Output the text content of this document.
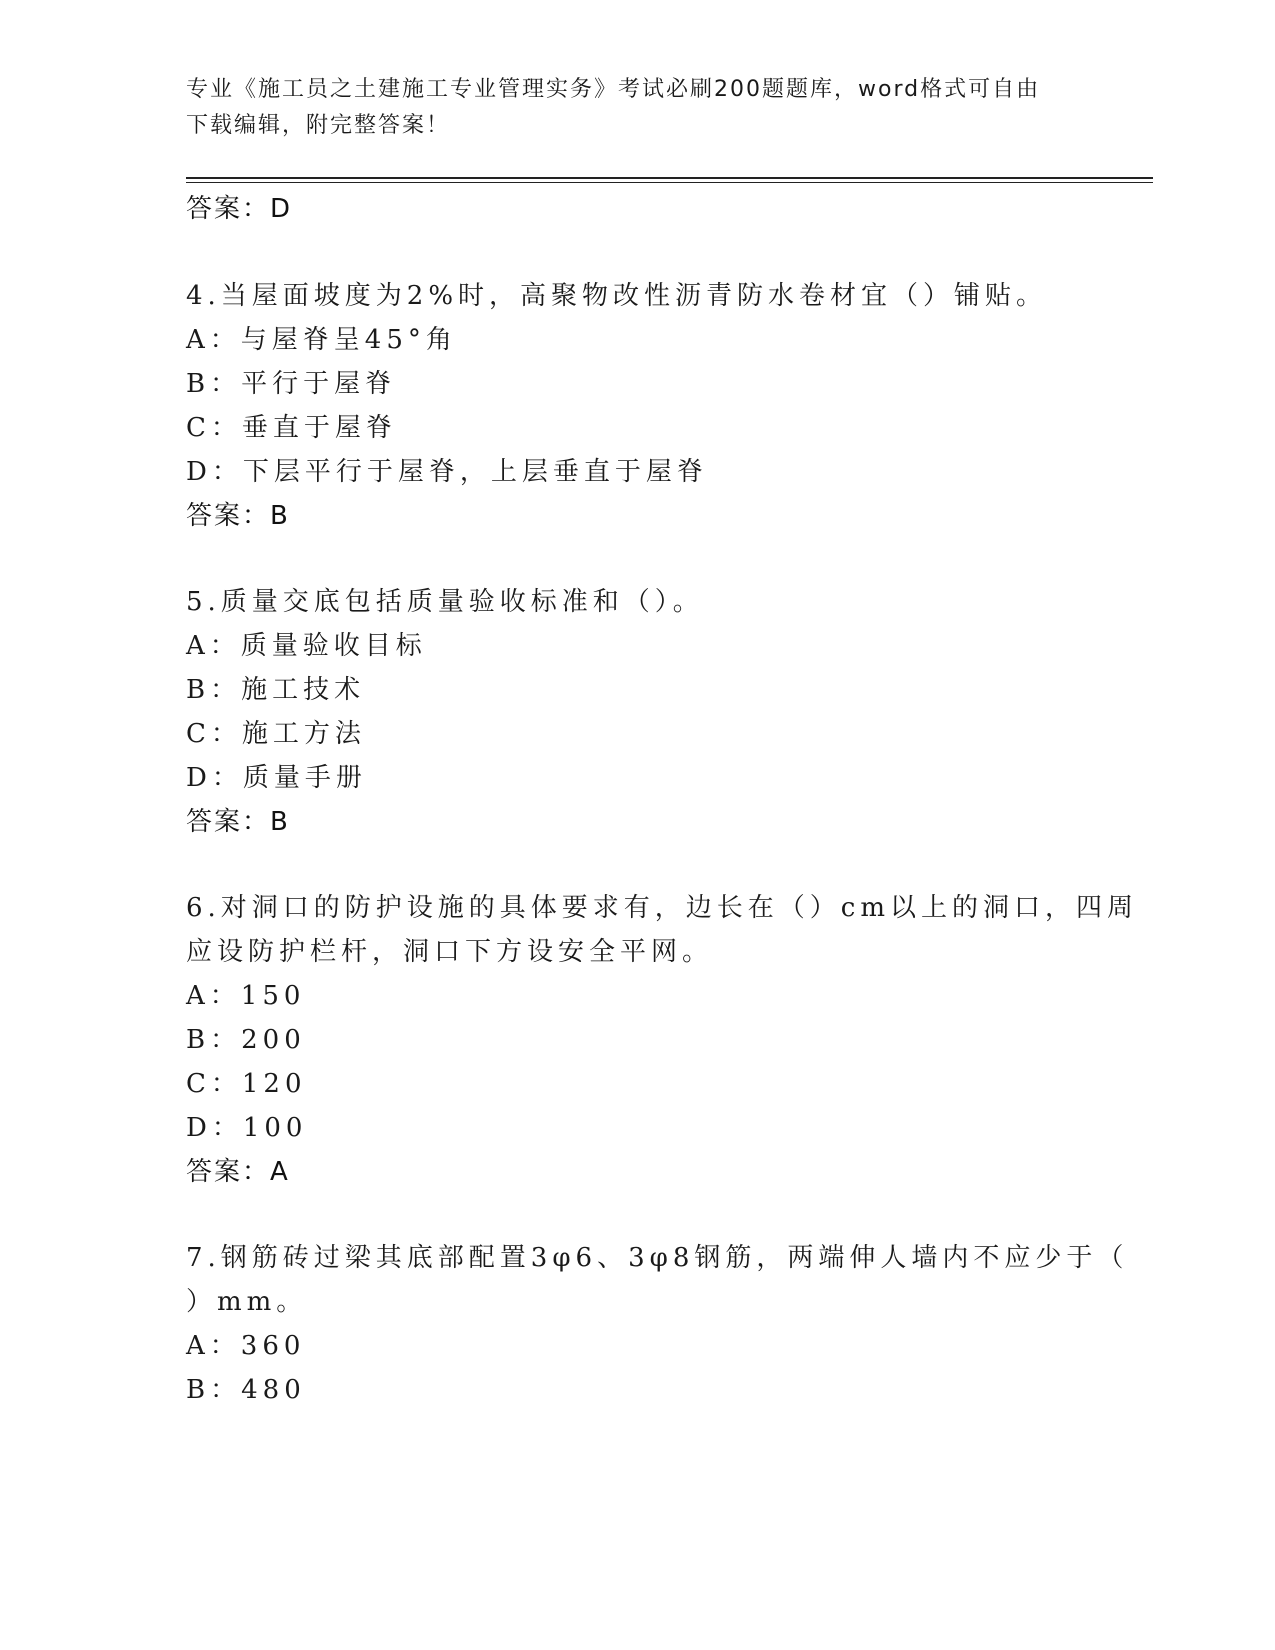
专业《施工员之土建施工专业管理实务》考试必刷200题题库，word格式可自由
下载编辑，附完整答案！
答案：D
4.当屋面坡度为2%时，高聚物改性沥青防水卷材宜（）铺贴。
A：与屋脊呈45°角
B：平行于屋脊
C：垂直于屋脊
D：下层平行于屋脊，上层垂直于屋脊
答案：B
5.质量交底包括质量验收标准和（）。
A：质量验收目标
B：施工技术
C：施工方法
D：质量手册
答案：B
6.对洞口的防护设施的具体要求有，边长在（）cm以上的洞口，四周
应设防护栏杆，洞口下方设安全平网。
A：150
B：200
C：120
D：100
答案：A
7.钢筋砖过梁其底部配置3φ6、3φ8钢筋，两端伸人墙内不应少于（
）mm。
A：360
B：480
